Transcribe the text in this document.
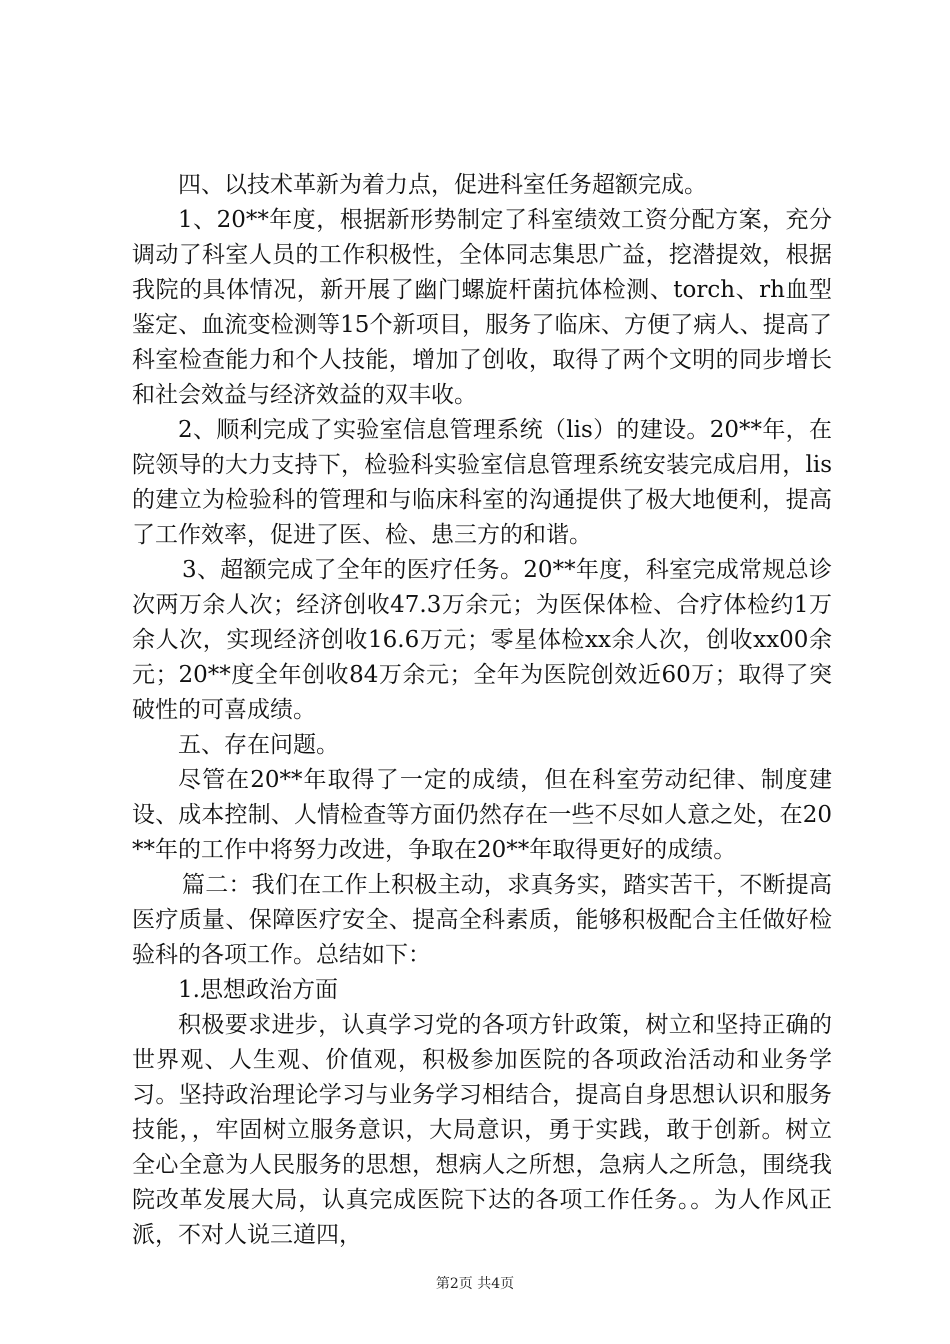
四、以技术革新为着力点，促进科室任务超额完成。

1、20**年度，根据新形势制定了科室绩效工资分配方案，充分调动了科室人员的工作积极性，全体同志集思广益，挖潜提效，根据我院的具体情况，新开展了幽门螺旋杆菌抗体检测、torch、rh血型鉴定、血流变检测等15个新项目，服务了临床、方便了病人、提高了科室检查能力和个人技能，增加了创收，取得了两个文明的同步增长和社会效益与经济效益的双丰收。

2、顺利完成了实验室信息管理系统（lis）的建设。20**年，在院领导的大力支持下，检验科实验室信息管理系统安装完成启用，lis的建立为检验科的管理和与临床科室的沟通提供了极大地便利，提高了工作效率，促进了医、检、患三方的和谐。

3、超额完成了全年的医疗任务。20**年度，科室完成常规总诊次两万余人次；经济创收47.3万余元；为医保体检、合疗体检约1万余人次，实现经济创收16.6万元；零星体检xx余人次，创收xx00余元；20**度全年创收84万余元；全年为医院创效近60万；取得了突破性的可喜成绩。

五、存在问题。

尽管在20**年取得了一定的成绩，但在科室劳动纪律、制度建设、成本控制、人情检查等方面仍然存在一些不尽如人意之处，在20**年的工作中将努力改进，争取在20**年取得更好的成绩。

篇二：我们在工作上积极主动，求真务实，踏实苦干，不断提高医疗质量、保障医疗安全、提高全科素质，能够积极配合主任做好检验科的各项工作。总结如下：

1.思想政治方面

积极要求进步，认真学习党的各项方针政策，树立和坚持正确的世界观、人生观、价值观，积极参加医院的各项政治活动和业务学习。坚持政治理论学习与业务学习相结合，提高自身思想认识和服务技能，，牢固树立服务意识，大局意识，勇于实践，敢于创新。树立全心全意为人民服务的思想，想病人之所想，急病人之所急，围绕我院改革发展大局，认真完成医院下达的各项工作任务。。为人作风正派，不对人说三道四，

第2页 共4页
